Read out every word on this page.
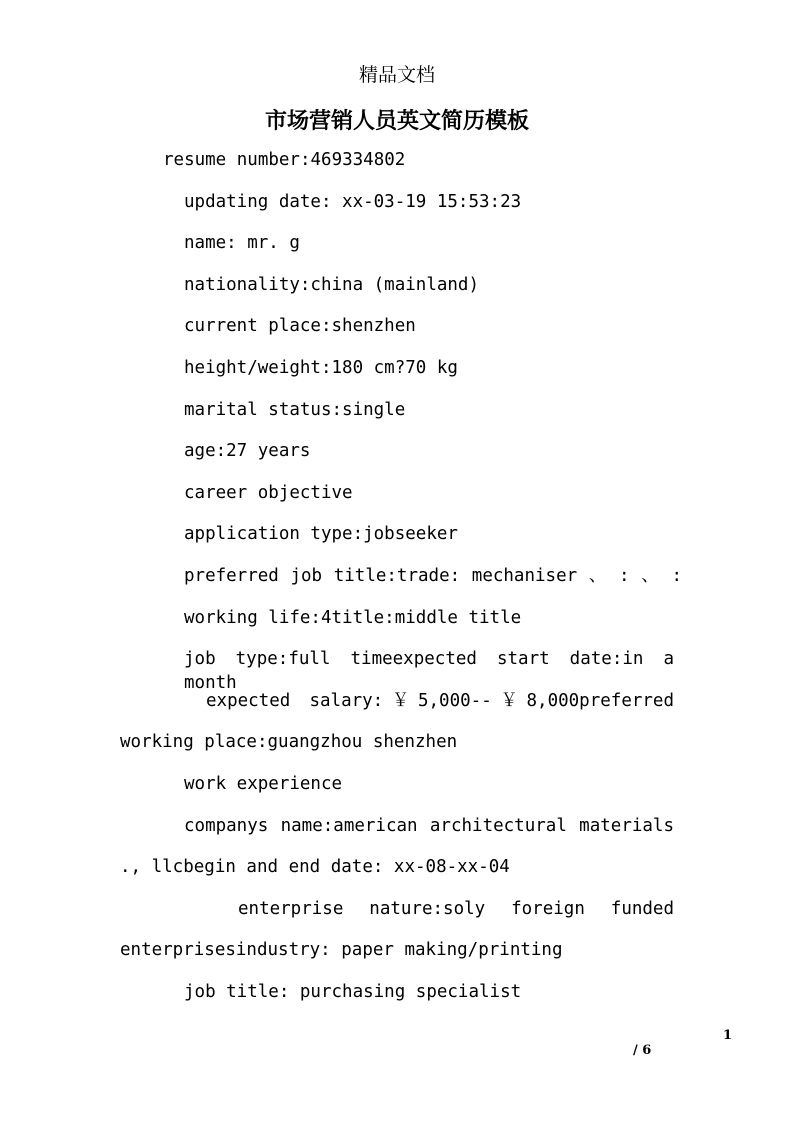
精品文档
市场营销人员英文简历模板
resume number:469334802
updating date: xx-03-19 15:53:23
name: mr. g
nationality:china (mainland)
current place:shenzhen
height/weight:180 cm?70 kg
marital status:single
age:27 years
career objective
application type:jobseeker
preferred job title:trade: mechaniser 、 : 、 :
working life:4title:middle title
job type:full timeexpected start date:in a month
expected salary:￥5,000--￥8,000preferred
working place:guangzhou shenzhen
work experience
companys name:american architectural materials
., llcbegin and end date: xx-08-xx-04
enterprise nature:soly foreign funded
enterprisesindustry: paper making/printing
job title: purchasing specialist
1
/ 6
